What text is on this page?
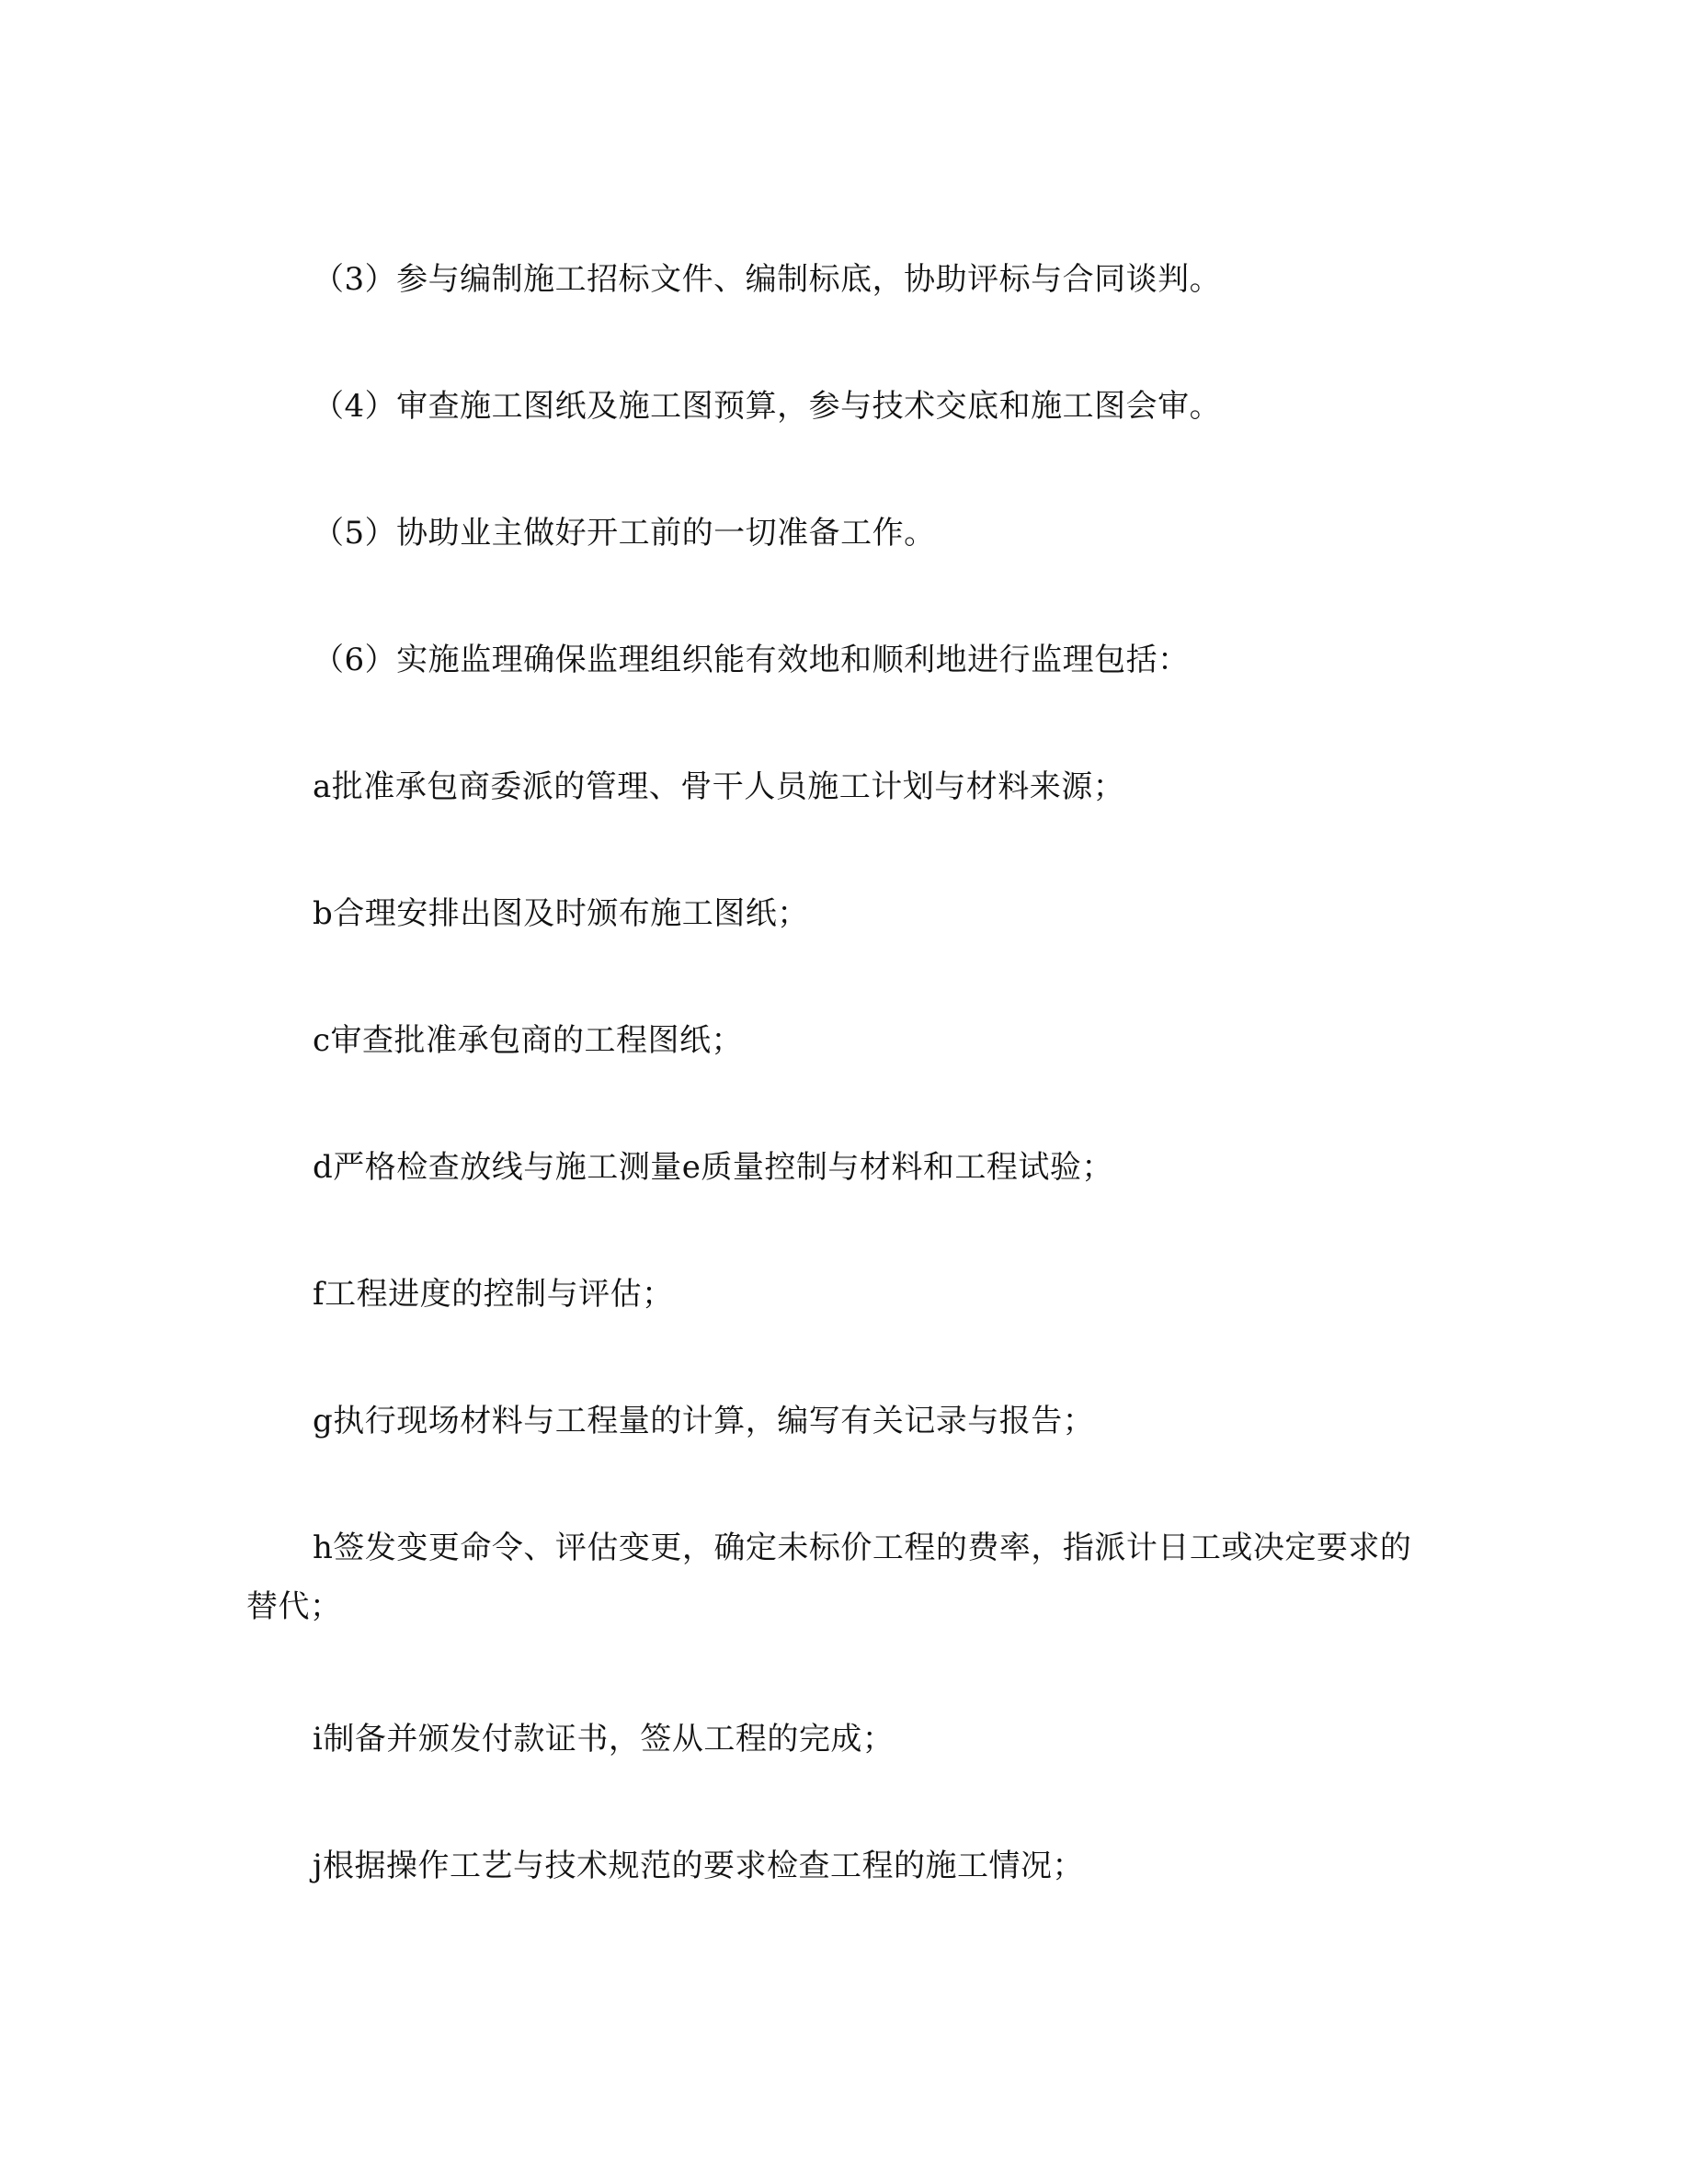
（3）参与编制施工招标文件、编制标底，协助评标与合同谈判。

（4）审查施工图纸及施工图预算，参与技术交底和施工图会审。

（5）协助业主做好开工前的一切准备工作。

（6）实施监理确保监理组织能有效地和顺利地进行监理包括：

a批准承包商委派的管理、骨干人员施工计划与材料来源；

b合理安排出图及时颁布施工图纸；

c审查批准承包商的工程图纸；

d严格检查放线与施工测量e质量控制与材料和工程试验；

f工程进度的控制与评估；

g执行现场材料与工程量的计算，编写有关记录与报告；

h签发变更命令、评估变更，确定未标价工程的费率，指派计日工或决定要求的替代；

i制备并颁发付款证书，签从工程的完成；

j根据操作工艺与技术规范的要求检查工程的施工情况；
